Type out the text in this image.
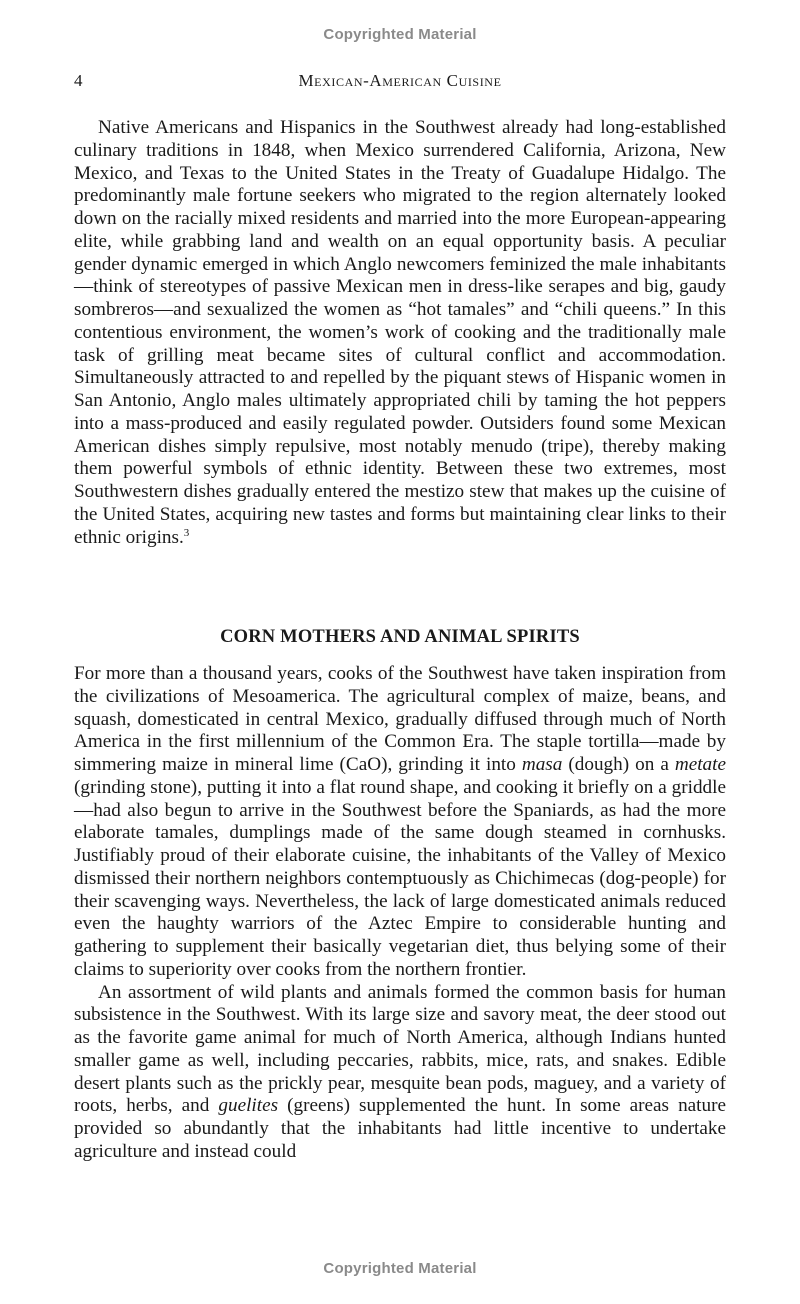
Copyrighted Material
4	Mexican-American Cuisine

Native Americans and Hispanics in the Southwest already had long-established culinary traditions in 1848, when Mexico surrendered California, Arizona, New Mexico, and Texas to the United States in the Treaty of Guadalupe Hidalgo. The predominantly male fortune seekers who migrated to the region alternately looked down on the racially mixed residents and married into the more European-appearing elite, while grabbing land and wealth on an equal opportunity basis. A peculiar gender dynamic emerged in which Anglo newcomers feminized the male inhabitants—think of stereotypes of passive Mexican men in dress-like serapes and big, gaudy sombreros—and sexualized the women as “hot tamales” and “chili queens.” In this contentious environment, the women’s work of cooking and the traditionally male task of grilling meat became sites of cultural conflict and accommodation. Simultaneously attracted to and repelled by the piquant stews of Hispanic women in San Antonio, Anglo males ultimately appropriated chili by taming the hot peppers into a mass-produced and easily regulated powder. Outsiders found some Mexican American dishes simply repulsive, most notably menudo (tripe), thereby making them powerful symbols of ethnic identity. Between these two extremes, most Southwestern dishes gradually entered the mestizo stew that makes up the cuisine of the United States, acquiring new tastes and forms but maintaining clear links to their ethnic origins.$^3$

CORN MOTHERS AND ANIMAL SPIRITS

For more than a thousand years, cooks of the Southwest have taken inspiration from the civilizations of Mesoamerica. The agricultural complex of maize, beans, and squash, domesticated in central Mexico, gradually diffused through much of North America in the first millennium of the Common Era. The staple tortilla—made by simmering maize in mineral lime (CaO), grinding it into masa (dough) on a metate (grinding stone), putting it into a flat round shape, and cooking it briefly on a griddle—had also begun to arrive in the Southwest before the Spaniards, as had the more elaborate tamales, dumplings made of the same dough steamed in cornhusks. Justifiably proud of their elaborate cuisine, the inhabitants of the Valley of Mexico dismissed their northern neighbors contemptuously as Chichimecas (dog-people) for their scavenging ways. Nevertheless, the lack of large domesticated animals reduced even the haughty warriors of the Aztec Empire to considerable hunting and gathering to supplement their basically vegetarian diet, thus belying some of their claims to superiority over cooks from the northern frontier.

An assortment of wild plants and animals formed the common basis for human subsistence in the Southwest. With its large size and savory meat, the deer stood out as the favorite game animal for much of North America, although Indians hunted smaller game as well, including peccaries, rabbits, mice, rats, and snakes. Edible desert plants such as the prickly pear, mesquite bean pods, maguey, and a variety of roots, herbs, and guelites (greens) supplemented the hunt. In some areas nature provided so abundantly that the inhabitants had little incentive to undertake agriculture and instead could

Copyrighted Material
